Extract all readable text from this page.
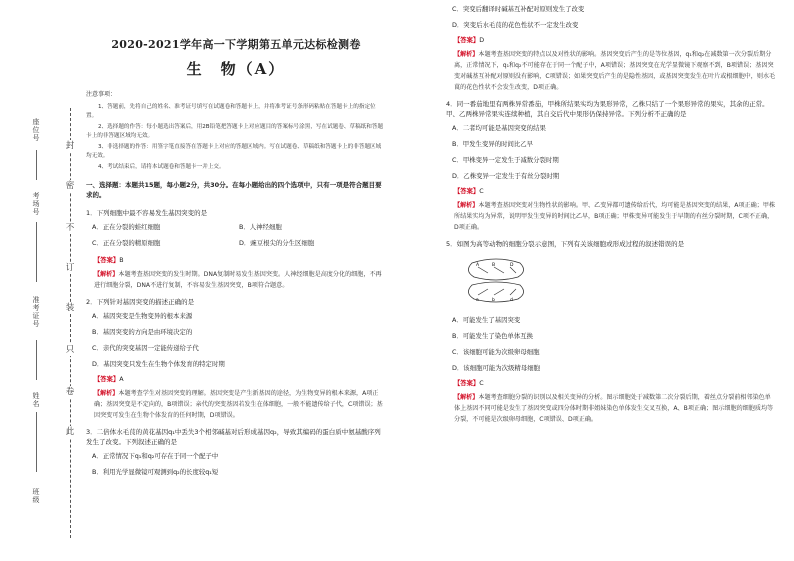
封
密
不
订
装
只
卷
此
座位号
考场号
准考证号
姓名
班级
2020-2021学年高一下学期第五单元达标检测卷
生　物（A）
注意事项：

1、答题前，先将自己的姓名、准考证号填写在试题卷和答题卡上，并将准考证号条形码粘贴在答题卡上的指定位置。

2、选择题的作答：每小题选出答案后，用2B铅笔把答题卡上对应题目的答案标号涂黑，写在试题卷、草稿纸和答题卡上的非答题区域均无效。

3、非选择题的作答：用签字笔直接答在答题卡上对应的答题区域内。写在试题卷、草稿纸和答题卡上的非答题区域均无效。

4、考试结束后，请将本试题卷和答题卡一并上交。

一、选择题：本题共15题，每小题2分，共30分。在每小题给出的四个选项中，只有一项是符合题目要求的。
1．下列细胞中最不容易发生基因突变的是
A．正在分裂的蛙红细胞	B．人神经细胞
C．正在分裂的精原细胞	D．豌豆根尖的分生区细胞
【答案】B
【解析】本题考查基因突变的发生时期。DNA复制时易发生基因突变。人神经细胞是高度分化的细胞，不再进行细胞分裂，DNA不进行复制，不容易发生基因突变，B项符合题意。
2．下列针对基因突变的描述正确的是
A．基因突变是生物变异的根本来源
B．基因突变的方向是由环境决定的
C．亲代的突变基因一定能传递给子代
D．基因突变只发生在生物个体发育的特定时期
【答案】A
【解析】本题考查学生对基因突变的理解。基因突变是产生新基因的途径，为生物变异的根本来源，A项正确；基因突变是不定向的，B项错误；亲代的突变基因若发生在体细胞，一般不能遗传给子代，C项错误；基因突变可发生在生物个体发育的任何时期，D项错误。
3．二倍体水毛茛的黄花基因q₁中丢失3个相邻碱基对后形成基因q₂，导致其编码的蛋白质中氨基酸序列发生了改变。下列叙述正确的是
A．正常情况下q₁和q₂可存在于同一个配子中
B．利用光学显微镜可观测到q₂的长度较q₁短
C．突变后翻译时碱基互补配对原则发生了改变
D．突变后水毛茛的花色性状不一定发生改变
【答案】D
【解析】本题考查基因突变的特点以及对性状的影响。基因突变后产生的是等位基因，q₁和q₂在减数第一次分裂后期分离，正常情况下，q₁和q₂不可能存在于同一个配子中，A项错误；基因突变在光学显微镜下观察不到，B项错误；基因突变对碱基互补配对原则没有影响，C项错误；如果突变后产生的是隐性基因，或基因突变发生在叶片或根细胞中，则水毛茛的花色性状不会发生改变，D项正确。
4．同一番茄地里有两株异常番茄，甲株所结果实均为果形异常，乙株只结了一个果形异常的果实，其余的正常。甲、乙两株异常果实连续种植，其自交后代中果形仍保持异常。下列分析不正确的是
A．二者均可能是基因突变的结果
B．甲发生变异的时间比乙早
C．甲株变异一定发生于减数分裂时期
D．乙株变异一定发生于有丝分裂时期
【答案】C
【解析】本题考查基因突变对生物性状的影响。甲、乙变异都可遗传给后代，均可能是基因突变的结果，A项正确；甲株所结果实均为异常，说明甲发生变异的时间比乙早，B项正确；甲株变异可能发生于早期的有丝分裂时期，C项不正确，D项正确。
5．如图为高等动物的细胞分裂示意图，下列有关该细胞或形成过程的叙述错误的是
A
a
B
b
D
d
A．可能发生了基因突变
B．可能发生了染色单体互换
C．该细胞可能为次级卵母细胞
D．该细胞可能为次级精母细胞
【答案】C
【解析】本题考查细胞分裂的识别以及相关变异的分析。图示细胞处于减数第二次分裂后期，着丝点分裂前相邻染色单体上基因不同可能是发生了基因突变或四分体时期非姐妹染色单体发生交叉互换，A、B项正确；图示细胞的细胞质均等分裂，不可能是次级卵母细胞，C项错误、D项正确。
